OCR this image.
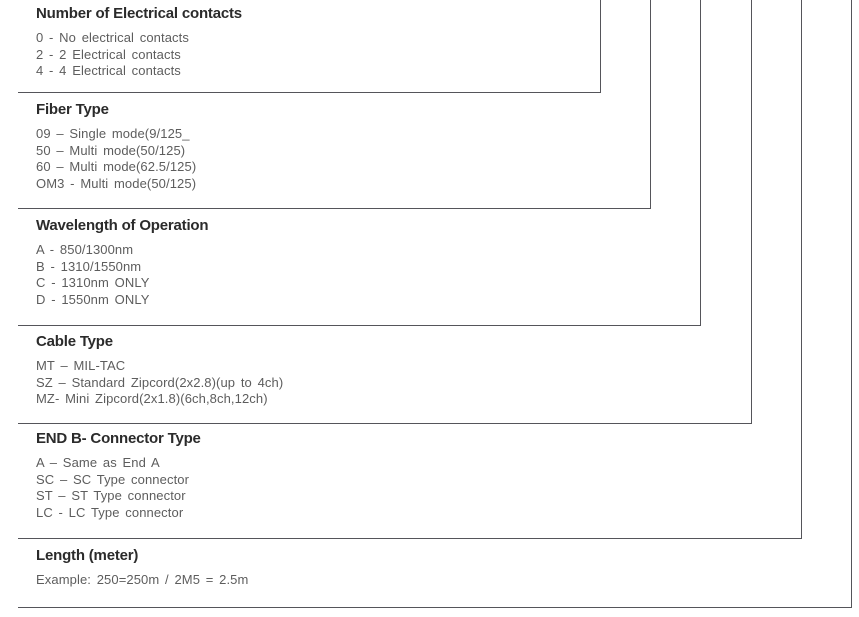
Number of Electrical contacts
0 - No electrical contacts
2 - 2 Electrical contacts
4 - 4 Electrical contacts
Fiber Type
09 – Single mode(9/125_
50 – Multi mode(50/125)
60 – Multi mode(62.5/125)
OM3 - Multi mode(50/125)
Wavelength of Operation
A - 850/1300nm
B - 1310/1550nm
C - 1310nm ONLY
D - 1550nm ONLY
Cable Type
MT – MIL-TAC
SZ – Standard Zipcord(2x2.8)(up to 4ch)
MZ- Mini Zipcord(2x1.8)(6ch,8ch,12ch)
END B- Connector Type
A – Same as End A
SC – SC Type connector
ST – ST Type connector
LC - LC Type connector
Length (meter)
Example: 250=250m / 2M5 = 2.5m
